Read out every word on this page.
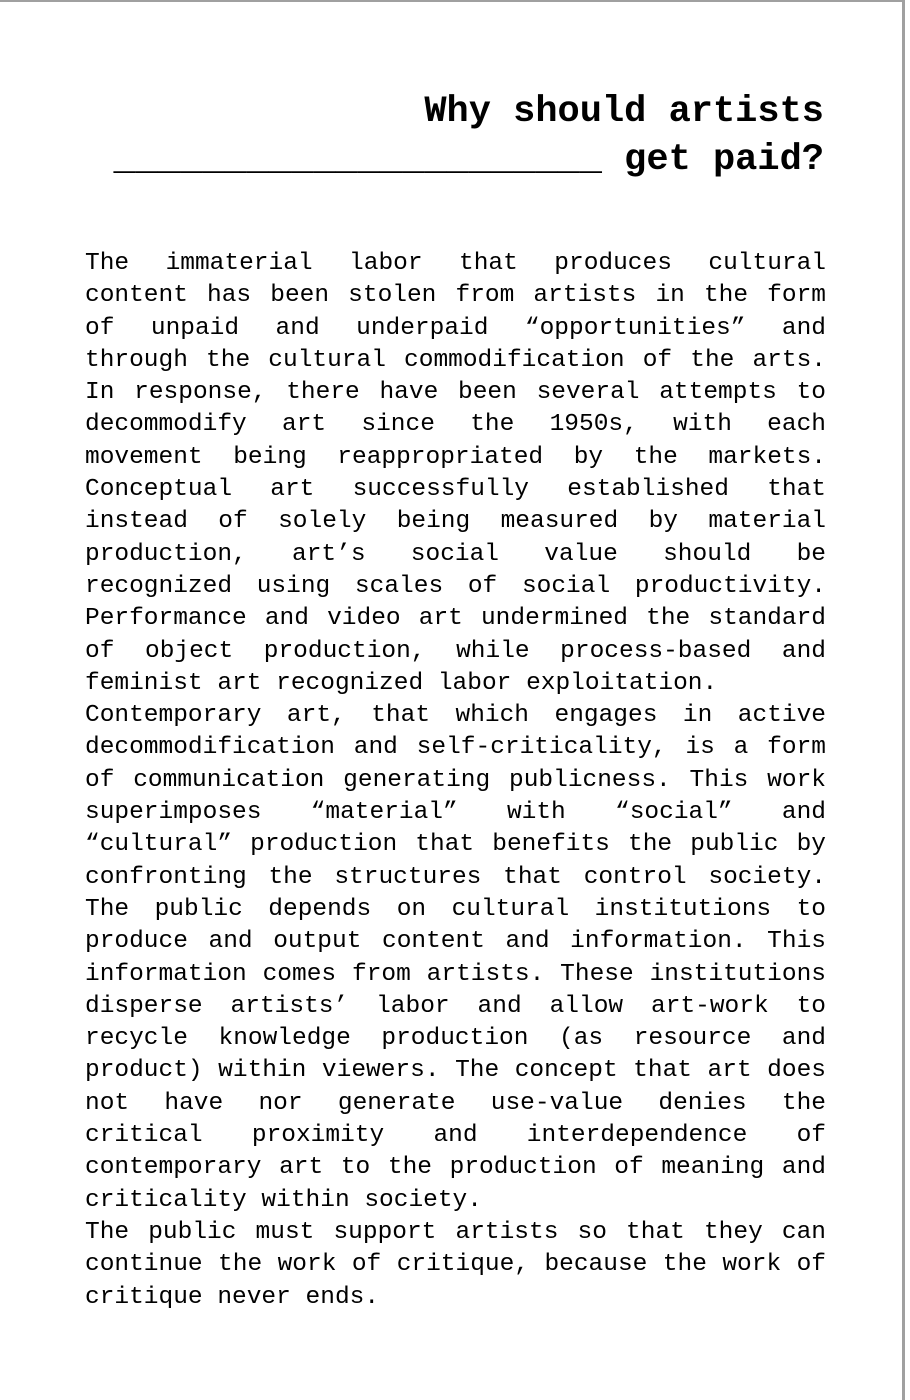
Why should artists
______________________ get paid?
The immaterial labor that produces cultural
content has been stolen from artists in the form
of unpaid and underpaid “opportunities” and
through the cultural commodification of the arts.
In response, there have been several attempts to
decommodify art since the 1950s, with each
movement being reappropriated by the markets.
Conceptual art successfully established that
instead of solely being measured by material
production, art’s social value should be
recognized using scales of social productivity.
Performance and video art undermined the standard
of object production, while process-based and
feminist art recognized labor exploitation.
Contemporary art, that which engages in active
decommodification and self-criticality, is a form
of communication generating publicness. This work
superimposes “material” with “social” and
“cultural” production that benefits the public by
confronting the structures that control society.
The public depends on cultural institutions to
produce and output content and information. This
information comes from artists. These institutions
disperse artists’ labor and allow art-work to
recycle knowledge production (as resource and
product) within viewers. The concept that art does
not have nor generate use-value denies the
critical proximity and interdependence of
contemporary art to the production of meaning and
criticality within society.
The public must support artists so that they can
continue the work of critique, because the work of
critique never ends.
